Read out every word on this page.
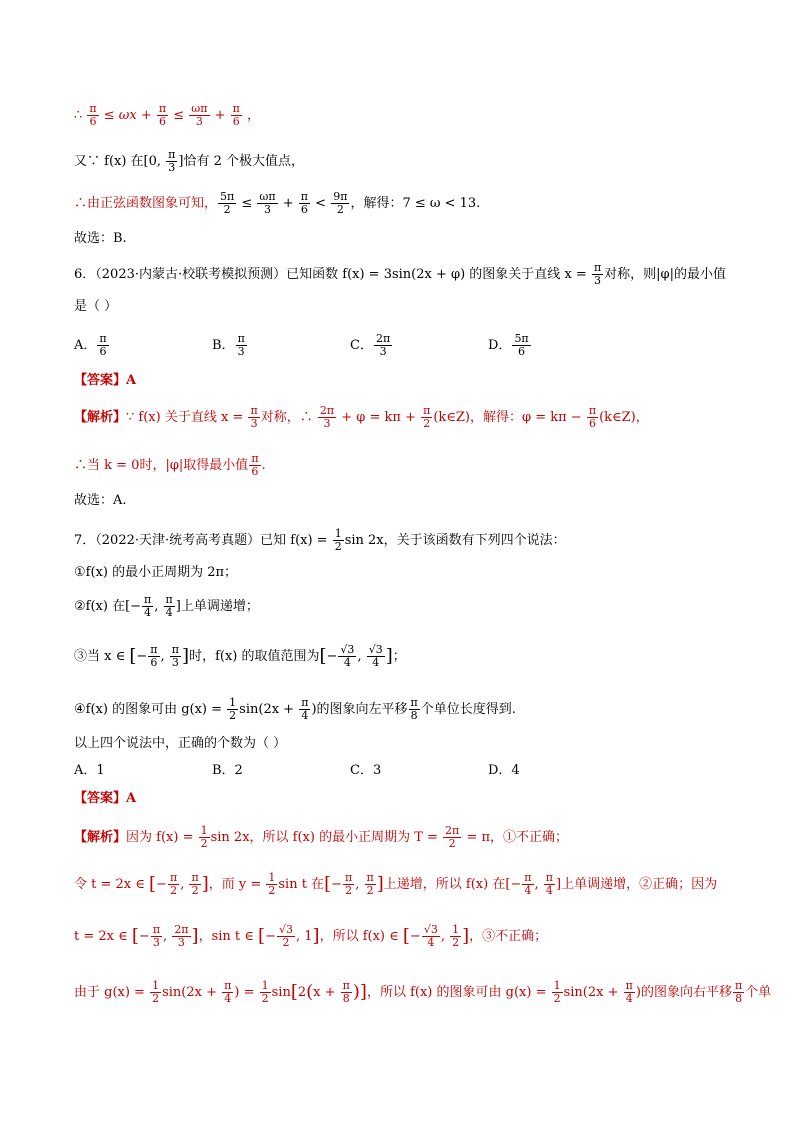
∴ $\frac{\pi}{6} \le \omega x + \frac{\pi}{6} \le \frac{\omega\pi}{3} + \frac{\pi}{6}$ ，
又∵ f(x) 在[0, $\frac{\pi}{3}$ ]恰有 2 个极大值点，
∴由正弦函数图象可知， $\frac{5\pi}{2} \le \frac{\omega\pi}{3} + \frac{\pi}{6} < \frac{9\pi}{2}$ ，解得：7 ≤ ω < 13.
故选：B.
6．（2023·内蒙古·校联考模拟预测）已知函数 f(x) = 3sin(2x + φ) 的图象关于直线 $x = \frac{\pi}{3}$ 对称，则|φ|的最小值
是（ ）
A． $\frac{\pi}{6}$	B． $\frac{\pi}{3}$	C． $\frac{2\pi}{3}$	D． $\frac{5\pi}{6}$
【答案】A
【解析】∵ f(x) 关于直线 $x = \frac{\pi}{3}$ 对称，∴ $\frac{2\pi}{3} + \varphi = k\pi + \frac{\pi}{2}$ (k∈Z)，解得：$\varphi = k\pi - \frac{\pi}{6}$ (k∈Z)，
∴当 k = 0时，|φ|取得最小值 $\frac{\pi}{6}$ .
故选：A.
7．（2022·天津·统考高考真题）已知 $f(x) = \frac{1}{2}$ sin 2x，关于该函数有下列四个说法：
①f(x) 的最小正周期为 2π；
②f(x) 在[− $\frac{\pi}{4}$ , $\frac{\pi}{4}$ ]上单调递增；
③当 x ∈ [− $\frac{\pi}{6}$ , $\frac{\pi}{3}$ ]时，f(x) 的取值范围为[− $\frac{√3}{4}$ , $\frac{√3}{4}$ ]；
④f(x) 的图象可由 $g(x) = \frac{1}{2} \sin(2x + \frac{\pi}{4}$ )的图象向左平移 $\frac{\pi}{8}$ 个单位长度得到.
以上四个说法中，正确的个数为（ ）
A．1	B．2	C．3	D．4
【答案】A
【解析】因为 $f(x) = \frac{1}{2}$ sin 2x，所以 f(x) 的最小正周期为 $T = \frac{2\pi}{2} = \pi$，①不正确；
令 t = 2x ∈ [− $\frac{\pi}{2}$ , $\frac{\pi}{2}$ ]，而 $y = \frac{1}{2}$ sin t 在[− $\frac{\pi}{2}$ , $\frac{\pi}{2}$ ]上递增，所以 f(x) 在[− $\frac{\pi}{4}$ , $\frac{\pi}{4}$ ]上单调递增，②正确；因为
t = 2x ∈ [− $\frac{\pi}{3}$ , $\frac{2\pi}{3}$ ]，sin t ∈ [− $\frac{√3}{2}$ , 1]，所以 f(x) ∈ [− $\frac{√3}{4}$ , $\frac{1}{2}$ ]，③不正确；
由于 $g(x) = \frac{1}{2} \sin(2x + \frac{\pi}{4}$ ) = $\frac{1}{2} \sin[2(x + \frac{\pi}{8}$ )]，所以 f(x) 的图象可由 $g(x) = \frac{1}{2} \sin(2x + \frac{\pi}{4}$ )的图象向右平移 $\frac{\pi}{8}$ 个单
